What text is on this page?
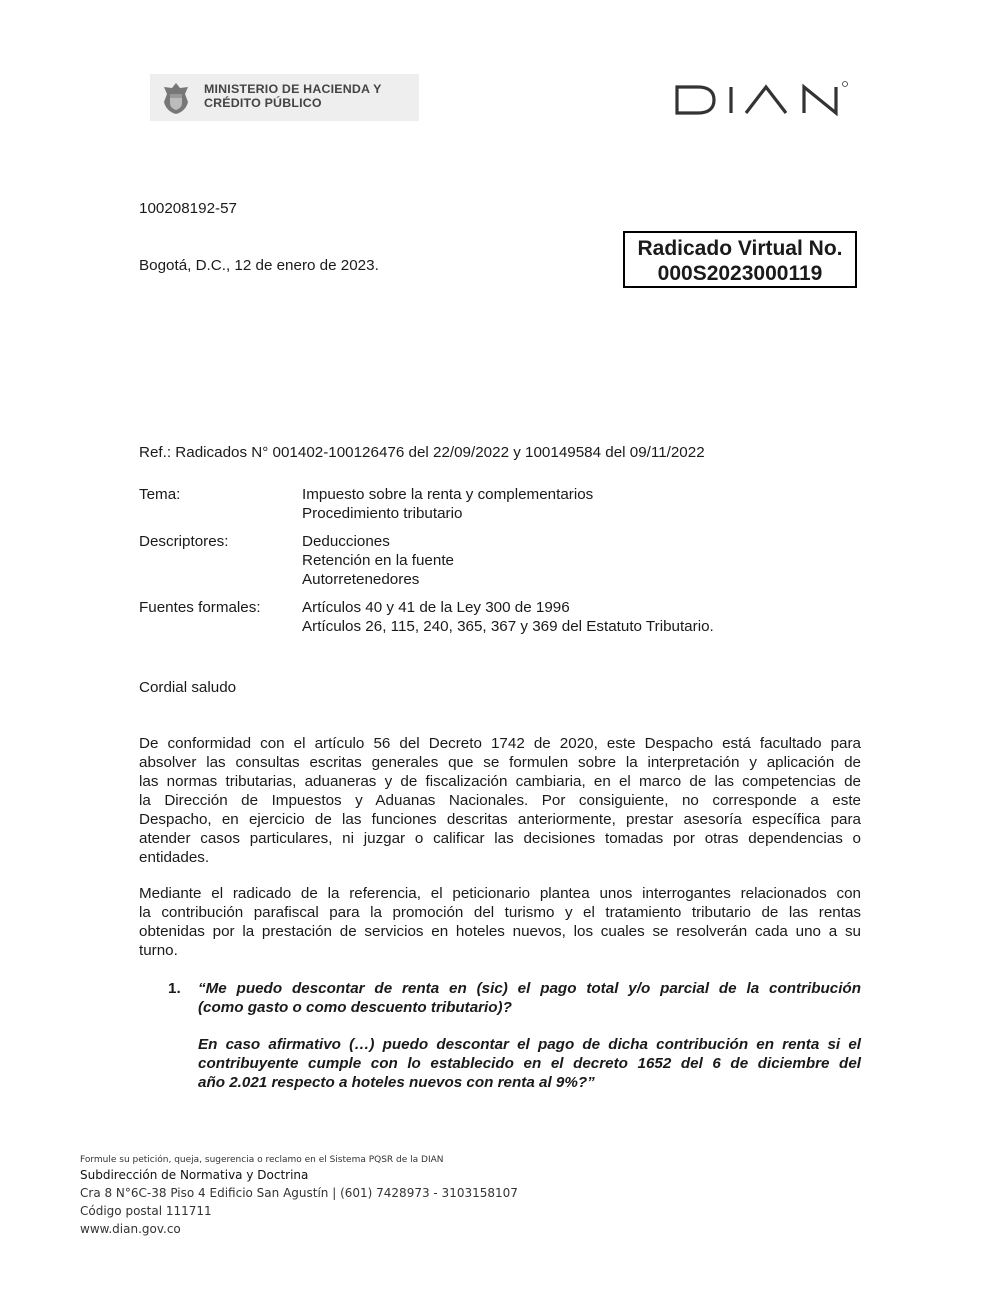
MINISTERIO DE HACIENDA Y
CRÉDITO PÚBLICO
100208192-57
Bogotá, D.C., 12 de enero de 2023.
Radicado Virtual No.
000S2023000119
Ref.: Radicados N° 001402-100126476 del 22/09/2022 y 100149584 del 09/11/2022
Tema:	Impuesto sobre la renta y complementarios
Procedimiento tributario
Descriptores:	Deducciones
Retención en la fuente
Autorretenedores
Fuentes formales:	Artículos 40 y 41 de la Ley 300 de 1996
Artículos 26, 115, 240, 365, 367 y 369 del Estatuto Tributario.
Cordial saludo
De conformidad con el artículo 56 del Decreto 1742 de 2020, este Despacho está facultado para
absolver las consultas escritas generales que se formulen sobre la interpretación y aplicación de
las normas tributarias, aduaneras y de fiscalización cambiaria, en el marco de las competencias de
la Dirección de Impuestos y Aduanas Nacionales. Por consiguiente, no corresponde a este
Despacho, en ejercicio de las funciones descritas anteriormente, prestar asesoría específica para
atender casos particulares, ni juzgar o calificar las decisiones tomadas por otras dependencias o
entidades.
Mediante el radicado de la referencia, el peticionario plantea unos interrogantes relacionados con
la contribución parafiscal para la promoción del turismo y el tratamiento tributario de las rentas
obtenidas por la prestación de servicios en hoteles nuevos, los cuales se resolverán cada uno a su
turno.
1. “Me puedo descontar de renta en (sic) el pago total y/o parcial de la contribución
(como gasto o como descuento tributario)?
En caso afirmativo (…) puedo descontar el pago de dicha contribución en renta si el
contribuyente cumple con lo establecido en el decreto 1652 del 6 de diciembre del
año 2.021 respecto a hoteles nuevos con renta al 9%?”
Formule su petición, queja, sugerencia o reclamo en el Sistema PQSR de la DIAN
Subdirección de Normativa y Doctrina
Cra 8 N°6C-38 Piso 4 Edificio San Agustín | (601) 7428973 - 3103158107
Código postal 111711
www.dian.gov.co
